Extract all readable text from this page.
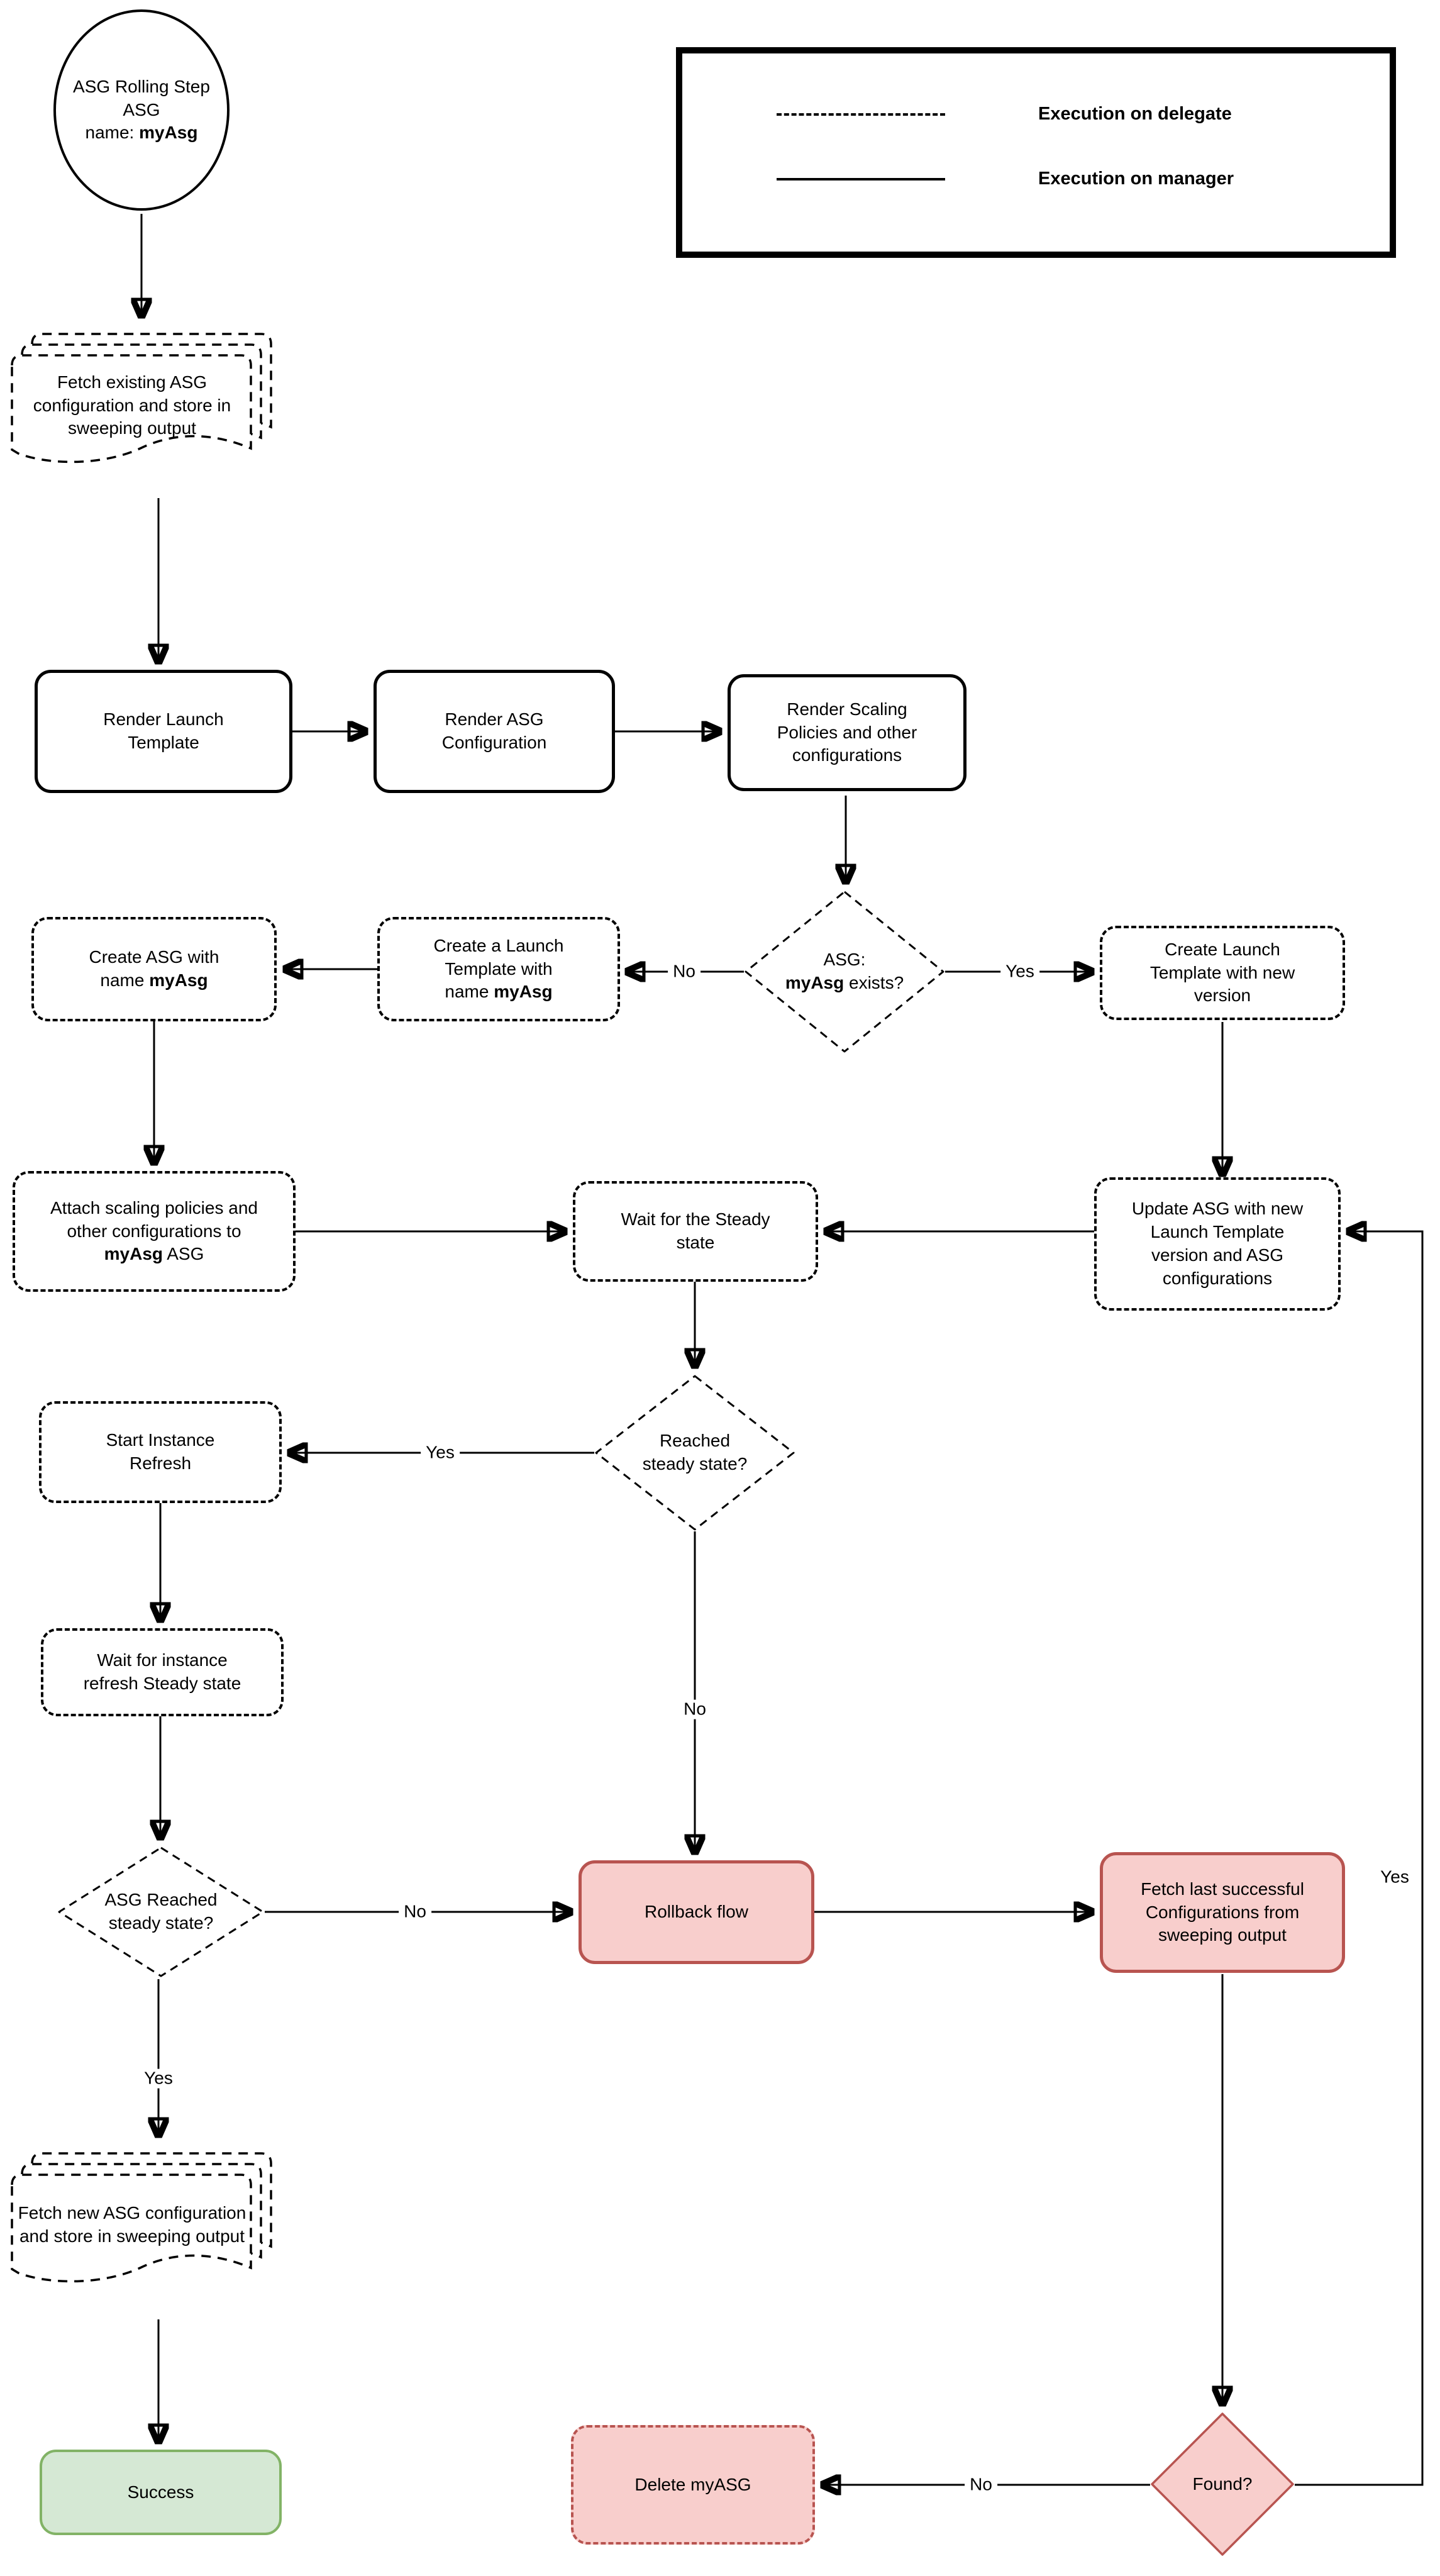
ASG Rolling Step
ASG
name: myAsg
Fetch existing ASG configuration and store in sweeping output
Render Launch Template
Render ASG Configuration
Render Scaling Policies and other configurations
ASG:
myAsg exists?
Create Launch Template with new version
Create a Launch Template with name myAsg
Create ASG with name myAsg
Attach scaling policies and other configurations to myAsg ASG
Wait for the Steady state
Update ASG with new Launch Template version and ASG configurations
Reached
steady state?
Start Instance Refresh
Wait for instance refresh Steady state
ASG Reached
steady state?
Rollback flow
Fetch last successful Configurations from sweeping output
Fetch new ASG configuration and store in sweeping output
Success	Delete myASG	Found?
No	Yes
Yes
No
No
Yes
No
Yes
Execution on delegate
Execution on manager
